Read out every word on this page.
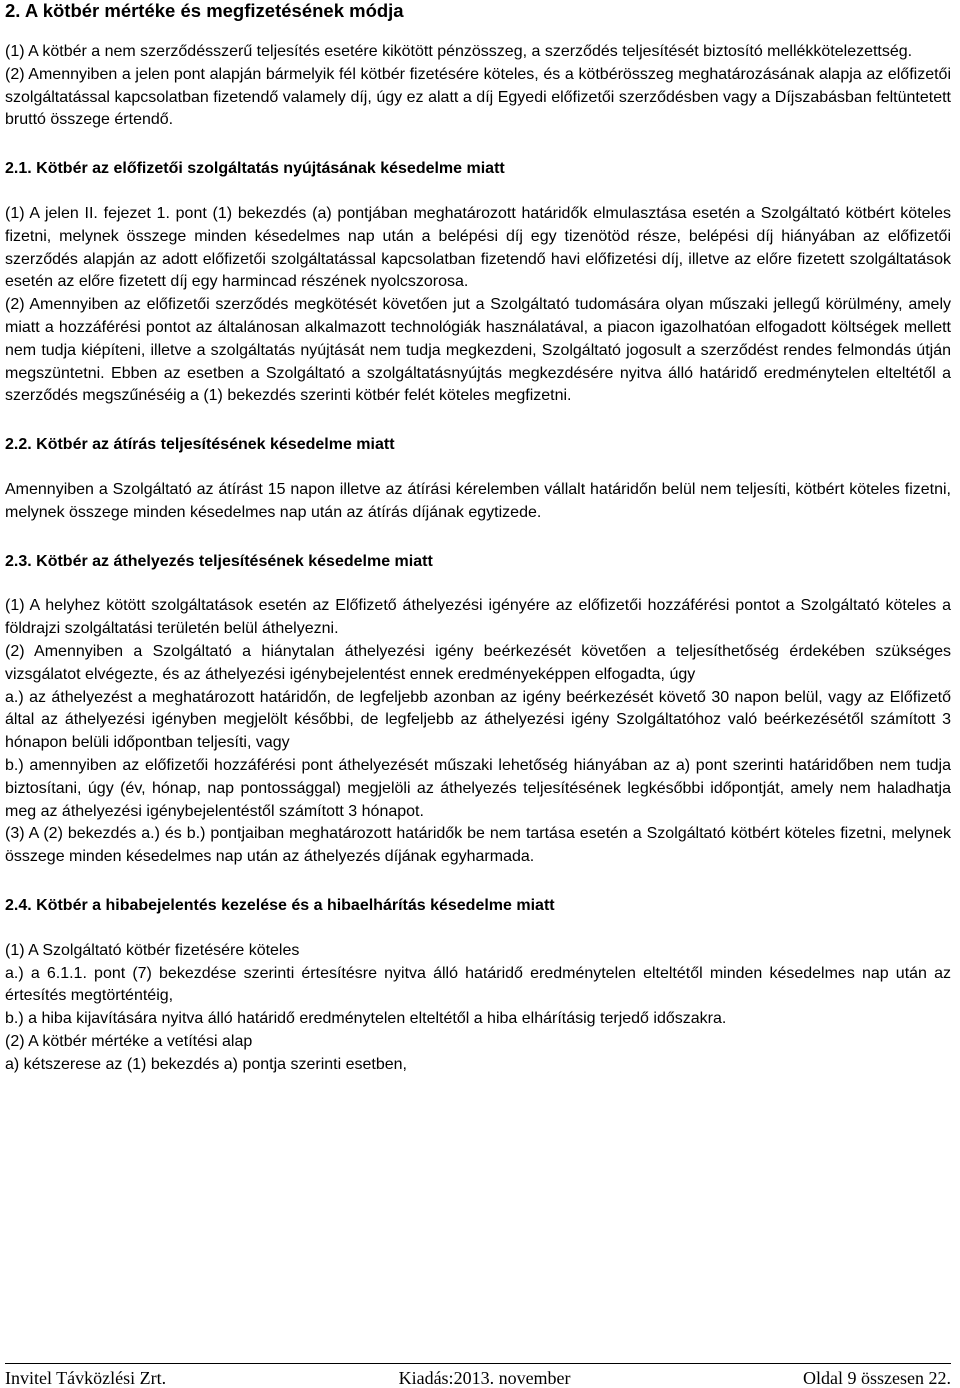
2. A kötbér mértéke és megfizetésének módja

(1) A kötbér a nem szerződésszerű teljesítés esetére kikötött pénzösszeg, a szerződés teljesítését biztosító mellékkötelezettség.

(2) Amennyiben a jelen pont alapján bármelyik fél kötbér fizetésére köteles, és a kötbérösszeg meghatározásának alapja az előfizetői szolgáltatással kapcsolatban fizetendő valamely díj, úgy ez alatt a díj Egyedi előfizetői szerződésben vagy a Díjszabásban feltüntetett bruttó összege értendő.

2.1. Kötbér az előfizetői szolgáltatás nyújtásának késedelme miatt

(1) A jelen II. fejezet 1. pont (1) bekezdés (a) pontjában meghatározott határidők elmulasztása esetén a Szolgáltató kötbért köteles fizetni, melynek összege minden késedelmes nap után a belépési díj egy tizenötöd része, belépési díj hiányában az előfizetői szerződés alapján az adott előfizetői szolgáltatással kapcsolatban fizetendő havi előfizetési díj, illetve az előre fizetett szolgáltatások esetén az előre fizetett díj egy harmincad részének nyolcszorosa.

(2) Amennyiben az előfizetői szerződés megkötését követően jut a Szolgáltató tudomására olyan műszaki jellegű körülmény, amely miatt a hozzáférési pontot az általánosan alkalmazott technológiák használatával, a piacon igazolhatóan elfogadott költségek mellett nem tudja kiépíteni, illetve a szolgáltatás nyújtását nem tudja megkezdeni, Szolgáltató jogosult a szerződést rendes felmondás útján megszüntetni. Ebben az esetben a Szolgáltató a szolgáltatásnyújtás megkezdésére nyitva álló határidő eredménytelen elteltétől a szerződés megszűnéséig a (1) bekezdés szerinti kötbér felét köteles megfizetni.

2.2. Kötbér az átírás teljesítésének késedelme miatt

Amennyiben a Szolgáltató az átírást 15 napon illetve az átírási kérelemben vállalt határidőn belül nem teljesíti, kötbért köteles fizetni, melynek összege minden késedelmes nap után az átírás díjának egytizede.

2.3. Kötbér az áthelyezés teljesítésének késedelme miatt

(1) A helyhez kötött szolgáltatások esetén az Előfizető áthelyezési igényére az előfizetői hozzáférési pontot a Szolgáltató köteles a földrajzi szolgáltatási területén belül áthelyezni.

(2) Amennyiben a Szolgáltató a hiánytalan áthelyezési igény beérkezését követően a teljesíthetőség érdekében szükséges vizsgálatot elvégezte, és az áthelyezési igénybejelentést ennek eredményeképpen elfogadta, úgy

a.) az áthelyezést a meghatározott határidőn, de legfeljebb azonban az igény beérkezését követő 30 napon belül, vagy az Előfizető által az áthelyezési igényben megjelölt későbbi, de legfeljebb az áthelyezési igény Szolgáltatóhoz való beérkezésétől számított 3 hónapon belüli időpontban teljesíti, vagy

b.) amennyiben az előfizetői hozzáférési pont áthelyezését műszaki lehetőség hiányában az a) pont szerinti határidőben nem tudja biztosítani, úgy (év, hónap, nap pontossággal) megjelöli az áthelyezés teljesítésének legkésőbbi időpontját, amely nem haladhatja meg az áthelyezési igénybejelentéstől számított 3 hónapot.

(3) A (2) bekezdés a.) és b.) pontjaiban meghatározott határidők be nem tartása esetén a Szolgáltató kötbért köteles fizetni, melynek összege minden késedelmes nap után az áthelyezés díjának egyharmada.

2.4. Kötbér a hibabejelentés kezelése és a hibaelhárítás késedelme miatt

(1) A Szolgáltató kötbér fizetésére köteles

a.) a 6.1.1. pont (7) bekezdése szerinti értesítésre nyitva álló határidő eredménytelen elteltétől minden késedelmes nap után az értesítés megtörténtéig,

b.) a hiba kijavítására nyitva álló határidő eredménytelen elteltétől a hiba elhárításig terjedő időszakra.

(2) A kötbér mértéke a vetítési alap

a) kétszerese az (1) bekezdés a) pontja szerinti esetben,

Invitel Távközlési Zrt.	Kiadás:2013. november	Oldal 9 összesen 22.
